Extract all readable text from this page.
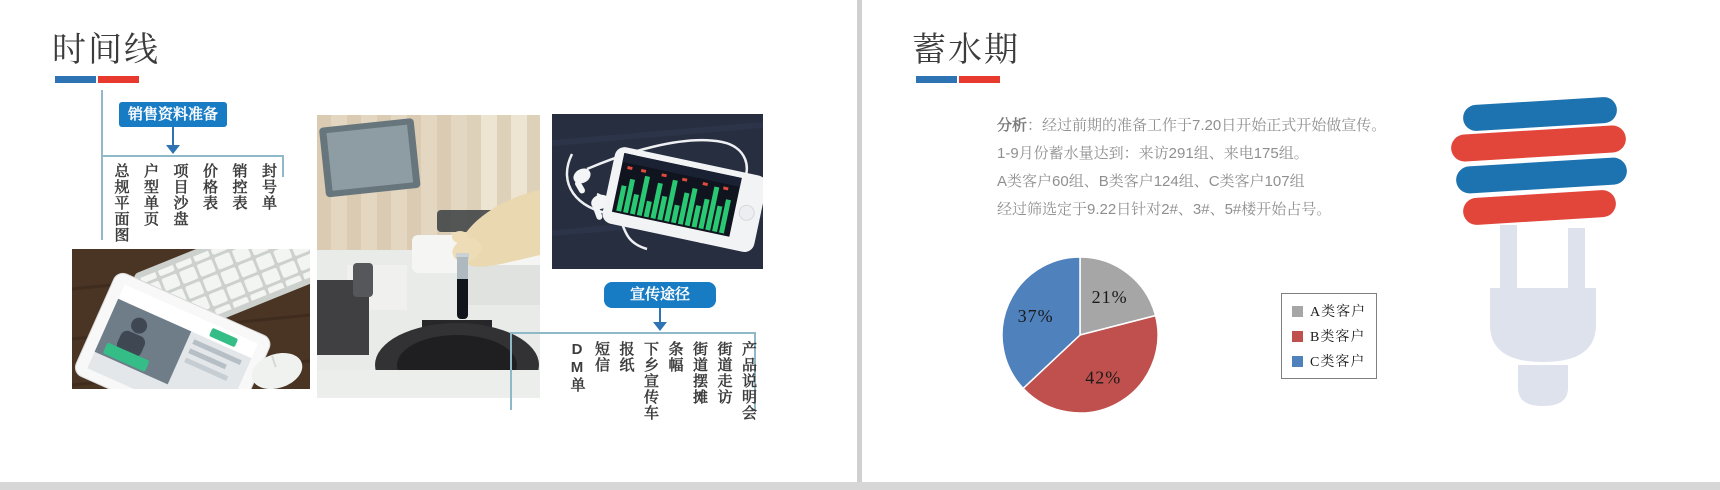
时间线
销售资料准备
总规平面图 户型单页 项目沙盘 价格表 销控表 封号单
宣传途径
DM单 短信 报纸 下乡宣传车 条幅 街道摆摊 街道走访 产品说明会
蓄水期
分析：经过前期的准备工作于7.20日开始正式开始做宣传。
1-9月份蓄水量达到：来访291组、来电175组。
A类客户60组、B类客户124组、C类客户107组
经过筛选定于9.22日针对2#、3#、5#楼开始占号。
21%
42%
37%	A类客户
B类客户
C类客户
